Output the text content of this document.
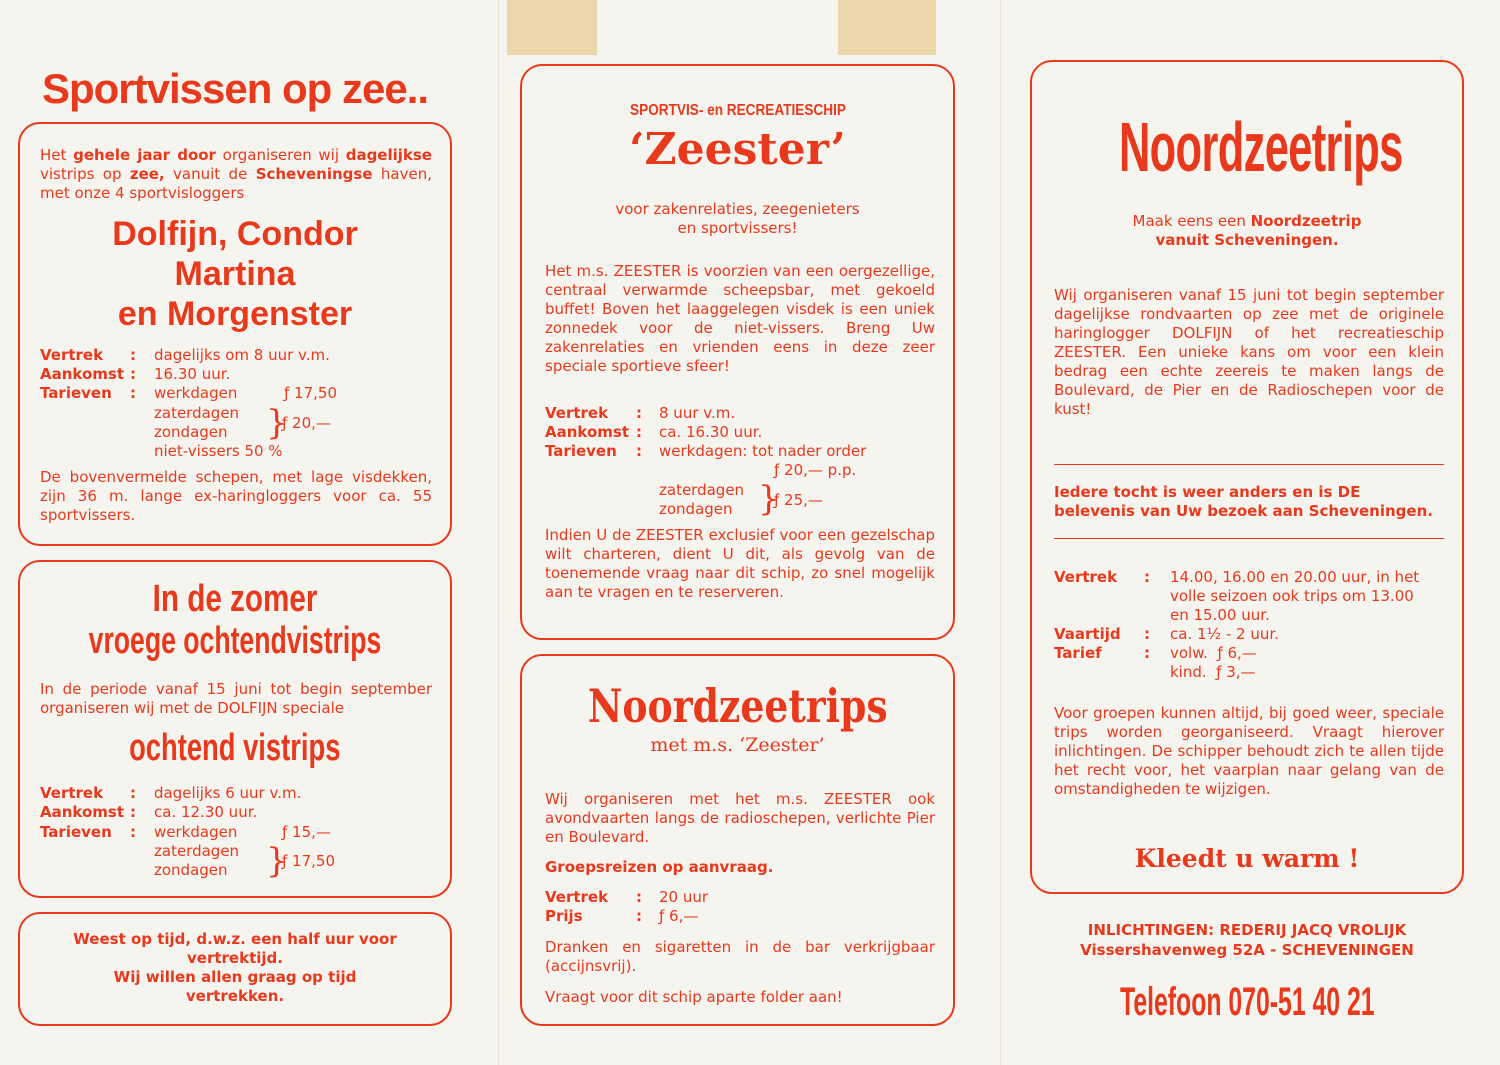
Sportvissen op zee..

Het gehele jaar door organiseren wij dagelijkse vistrips op zee, vanuit de Scheveningse haven, met onze 4 sportvisloggers

Dolfijn, Condor
Martina
en Morgenster
Vertrek : dagelijks om 8 uur v.m.
Aankomst : 16.30 uur.
Tarieven : werkdagen	ƒ 17,50
zaterdagen
zondagen }
ƒ 20,—
niet-vissers 50 %

De bovenvermelde schepen, met lage visdekken, zijn 36 m. lange ex-haringloggers voor ca. 55 sportvissers.

In de zomer
vroege ochtendvistrips

In de periode vanaf 15 juni tot begin september organiseren wij met de DOLFIJN speciale

ochtend vistrips
Vertrek : dagelijks 6 uur v.m.
Aankomst : ca. 12.30 uur.
Tarieven : werkdagen	ƒ 15,—
zaterdagen
zondagen }
ƒ 17,50
Weest op tijd, d.w.z. een half uur voor
vertrektijd.
Wij willen allen graag op tijd
vertrekken.
SPORTVIS- en RECREATIESCHIP
‘Zeester’
voor zakenrelaties, zeegenieters
en sportvissers!

Het m.s. ZEESTER is voorzien van een oergezellige, centraal verwarmde scheepsbar, met gekoeld buffet! Boven het laaggelegen visdek is een uniek zonnedek voor de niet-vissers. Breng Uw zakenrelaties en vrienden eens in deze zeer speciale sportieve sfeer!

Vertrek : 8 uur v.m.
Aankomst : ca. 16.30 uur.
Tarieven : werkdagen: tot nader order
ƒ 20,— p.p.
zaterdagen
zondagen }
ƒ 25,—

Indien U de ZEESTER exclusief voor een gezelschap wilt charteren, dient U dit, als gevolg van de toenemende vraag naar dit schip, zo snel mogelijk aan te vragen en te reserveren.

Noordzeetrips
met m.s. ‘Zeester’

Wij organiseren met het m.s. ZEESTER ook avondvaarten langs de radioschepen, verlichte Pier en Boulevard.

Groepsreizen op aanvraag.
Vertrek : 20 uur
Prijs	: ƒ 6,—

Dranken en sigaretten in de bar verkrijgbaar (accijnsvrij).

Vraagt voor dit schip aparte folder aan!

Noordzeetrips
Maak eens een Noordzeetrip
vanuit Scheveningen.

Wij organiseren vanaf 15 juni tot begin september dagelijkse rondvaarten op zee met de originele haringlogger DOLFIJN of het recreatieschip ZEESTER. Een unieke kans om voor een klein bedrag een echte zeereis te maken langs de Boulevard, de Pier en de Radioschepen voor de kust!

Iedere tocht is weer anders en is DE belevenis van Uw bezoek aan Scheveningen.

Vertrek : 14.00, 16.00 en 20.00 uur, in het
volle seizoen ook trips om 13.00
en 15.00 uur.
Vaartijd : ca. 1½ - 2 uur.
Tarief	: volw.  ƒ 6,—
kind.  ƒ 3,—

Voor groepen kunnen altijd, bij goed weer, speciale trips worden georganiseerd. Vraagt hierover inlichtingen. De schipper behoudt zich te allen tijde het recht voor, het vaarplan naar gelang van de omstandigheden te wijzigen.

Kleedt u warm !
INLICHTINGEN: REDERIJ JACQ VROLIJK
Vissershavenweg 52A - SCHEVENINGEN
Telefoon 070-51 40 21
